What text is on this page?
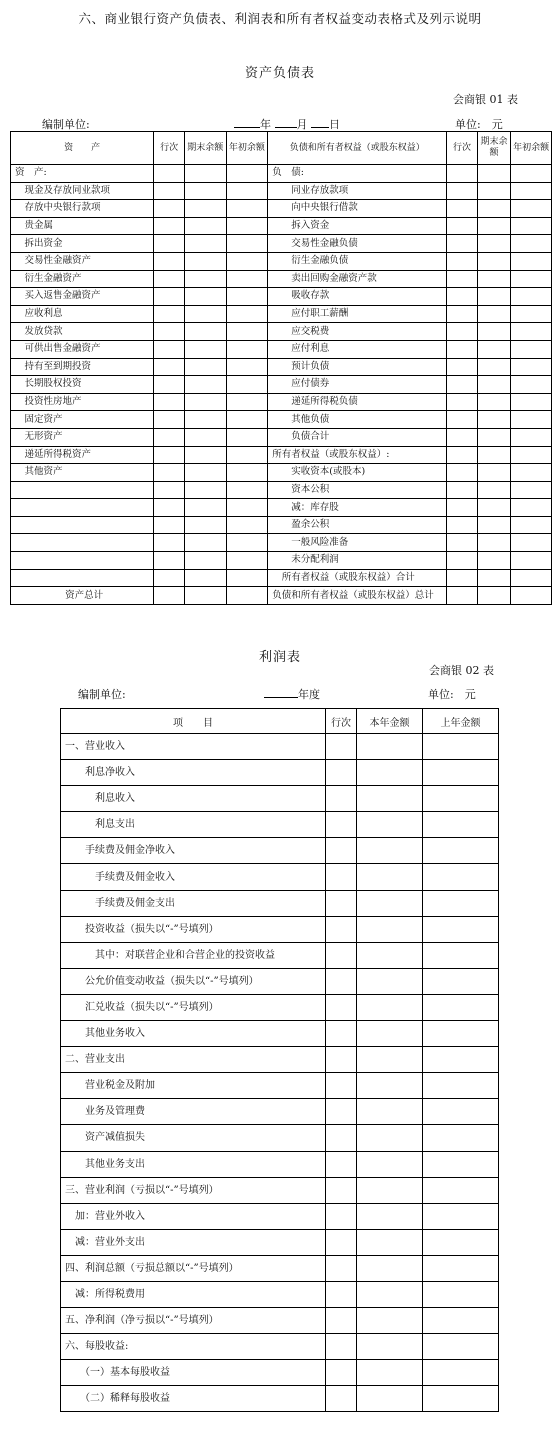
六、商业银行资产负债表、利润表和所有者权益变动表格式及列示说明
资产负债表
会商银 01 表
编制单位:	年 月 日	单位:　元
资　　产	行次	期末余额	年初余额	负债和所有者权益（或股东权益）	行次	期末余额	年初余额
资　产:				负　债:			
　现金及存放同业款项				　　同业存放款项			
　存放中央银行款项				　　向中央银行借款			
　贵金属				　　拆入资金			
　拆出资金				　　交易性金融负债			
　交易性金融资产				　　衍生金融负债			
　衍生金融资产				　　卖出回购金融资产款			
　买入返售金融资产				　　吸收存款			
　应收利息				　　应付职工薪酬			
　发放贷款				　　应交税费			
　可供出售金融资产				　　应付利息			
　持有至到期投资				　　预计负债			
　长期股权投资				　　应付债券			
　投资性房地产				　　递延所得税负债			
　固定资产				　　其他负债			
　无形资产				　　负债合计			
　递延所得税资产				所有者权益（或股东权益）:			
　其他资产				　　实收资本(或股本)			
				　　资本公积			
				　　减：库存股			
				　　盈余公积			
				　　一般风险准备			
				　　未分配利润			
				　所有者权益（或股东权益）合计			
资产总计				负债和所有者权益（或股东权益）总计			
利润表
会商银 02 表
编制单位:	年度	单位:　元
项　　目	行次	本年金额	上年金额
一、营业收入			
　　利息净收入			
　　　利息收入			
　　　利息支出			
　　手续费及佣金净收入			
　　　手续费及佣金收入			
　　　手续费及佣金支出			
　　投资收益（损失以“-”号填列）			
　　　其中：对联营企业和合营企业的投资收益			
　　公允价值变动收益（损失以“-”号填列）			
　　汇兑收益（损失以“-”号填列）			
　　其他业务收入			
二、营业支出			
　　营业税金及附加			
　　业务及管理费			
　　资产减值损失			
　　其他业务支出			
三、营业利润（亏损以“-”号填列）			
　加：营业外收入			
　减：营业外支出			
四、利润总额（亏损总额以“-”号填列）			
　减：所得税费用			
五、净利润（净亏损以“-”号填列）			
六、每股收益:			
　　（一）基本每股收益			
　　（二）稀释每股收益			
